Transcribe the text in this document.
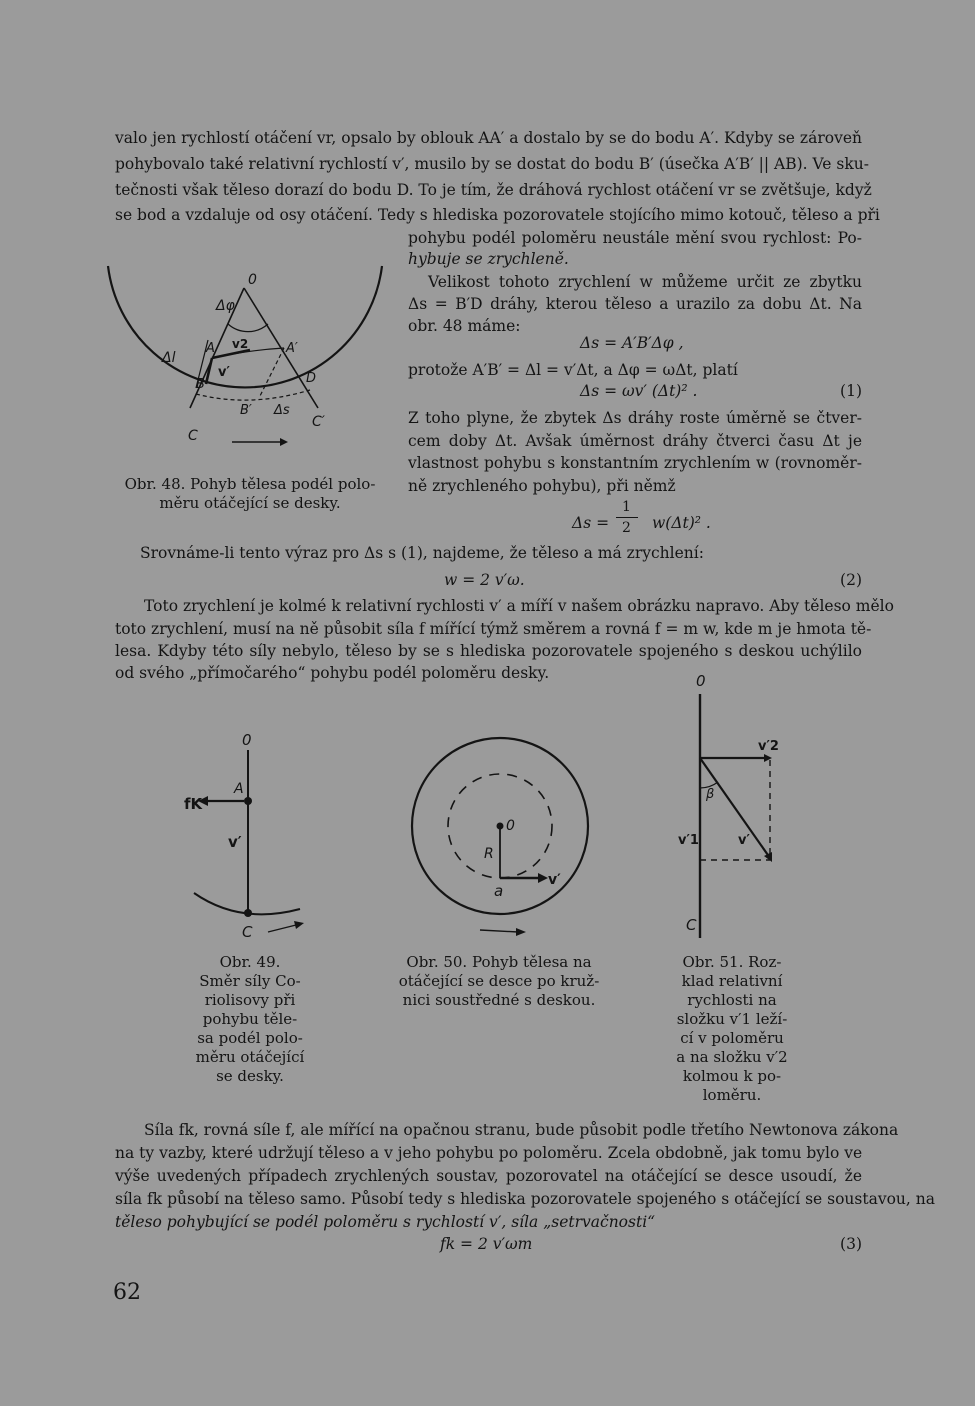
valo jen rychlostí otáčení vr, opsalo by oblouk AA′ a dostalo by se do bodu A′. Kdyby se zároveň
pohybovalo také relativní rychlostí v′, musilo by se dostat do bodu B′ (úsečka A′B′ || AB). Ve sku-
tečnosti však těleso dorazí do bodu D. To je tím, že dráhová rychlost otáčení vr se zvětšuje, když
se bod a vzdaluje od osy otáčení. Tedy s hlediska pozorovatele stojícího mimo kotouč, těleso a při
pohybu podél poloměru neustále mění svou rychlost: Po-
hybuje se zrychleně.
Velikost tohoto zrychlení w můžeme určit ze zbytku
Δs = B′D dráhy, kterou těleso a urazilo za dobu Δt. Na
obr. 48 máme:
Δs = A′B′Δφ ,
protože A′B′ = Δl = v′Δt, a Δφ = ωΔt, platí
Δs = ωv′ (Δt)² .	(1)
Z toho plyne, že zbytek Δs dráhy roste úměrně se čtver-
cem doby Δt. Avšak úměrnost dráhy čtverci času Δt je
vlastnost pohybu s konstantním zrychlením w (rovnoměr-
ně zrychleného pohybu), při němž
Δs =
1
2 w(Δt)² .
0
Δφ
A	A′
v2
v′
Δl
B
B′
D
Δs
C
C′
Obr. 48. Pohyb tělesa podél polo-
měru otáčející se desky.
Srovnáme-li tento výraz pro Δs s (1), najdeme, že těleso a má zrychlení:
w = 2 v′ω.	(2)
Toto zrychlení je kolmé k relativní rychlosti v′ a míří v našem obrázku napravo. Aby těleso mělo
toto zrychlení, musí na ně působit síla f mířící týmž směrem a rovná f = m w, kde m je hmota tě-
lesa. Kdyby této síly nebylo, těleso by se s hlediska pozorovatele spojeného s deskou uchýlilo
od svého „přímočarého“ pohybu podél poloměru desky.
0
A
fK
v′
C
Obr. 49.
Směr síly Co-
riolisovy při
pohybu těle-
sa podél polo-
měru otáčející
se desky.
0
R
a
v′
Obr. 50. Pohyb tělesa na
otáčející se desce po kruž-
nici soustředné s deskou.
0
v′2
β
v′1	v′
C
Obr. 51. Roz-
klad relativní
rychlosti na
složku v′1 leží-
cí v poloměru
a na složku v′2
kolmou k po-
loměru.
Síla fk, rovná síle f, ale mířící na opačnou stranu, bude působit podle třetího Newtonova zákona
na ty vazby, které udržují těleso a v jeho pohybu po poloměru. Zcela obdobně, jak tomu bylo ve
výše uvedených případech zrychlených soustav, pozorovatel na otáčející se desce usoudí, že
síla fk působí na těleso samo. Působí tedy s hlediska pozorovatele spojeného s otáčející se soustavou, na
těleso pohybující se podél poloměru s rychlostí v′, síla „setrvačnosti“
fk = 2 v′ωm	(3)
62
